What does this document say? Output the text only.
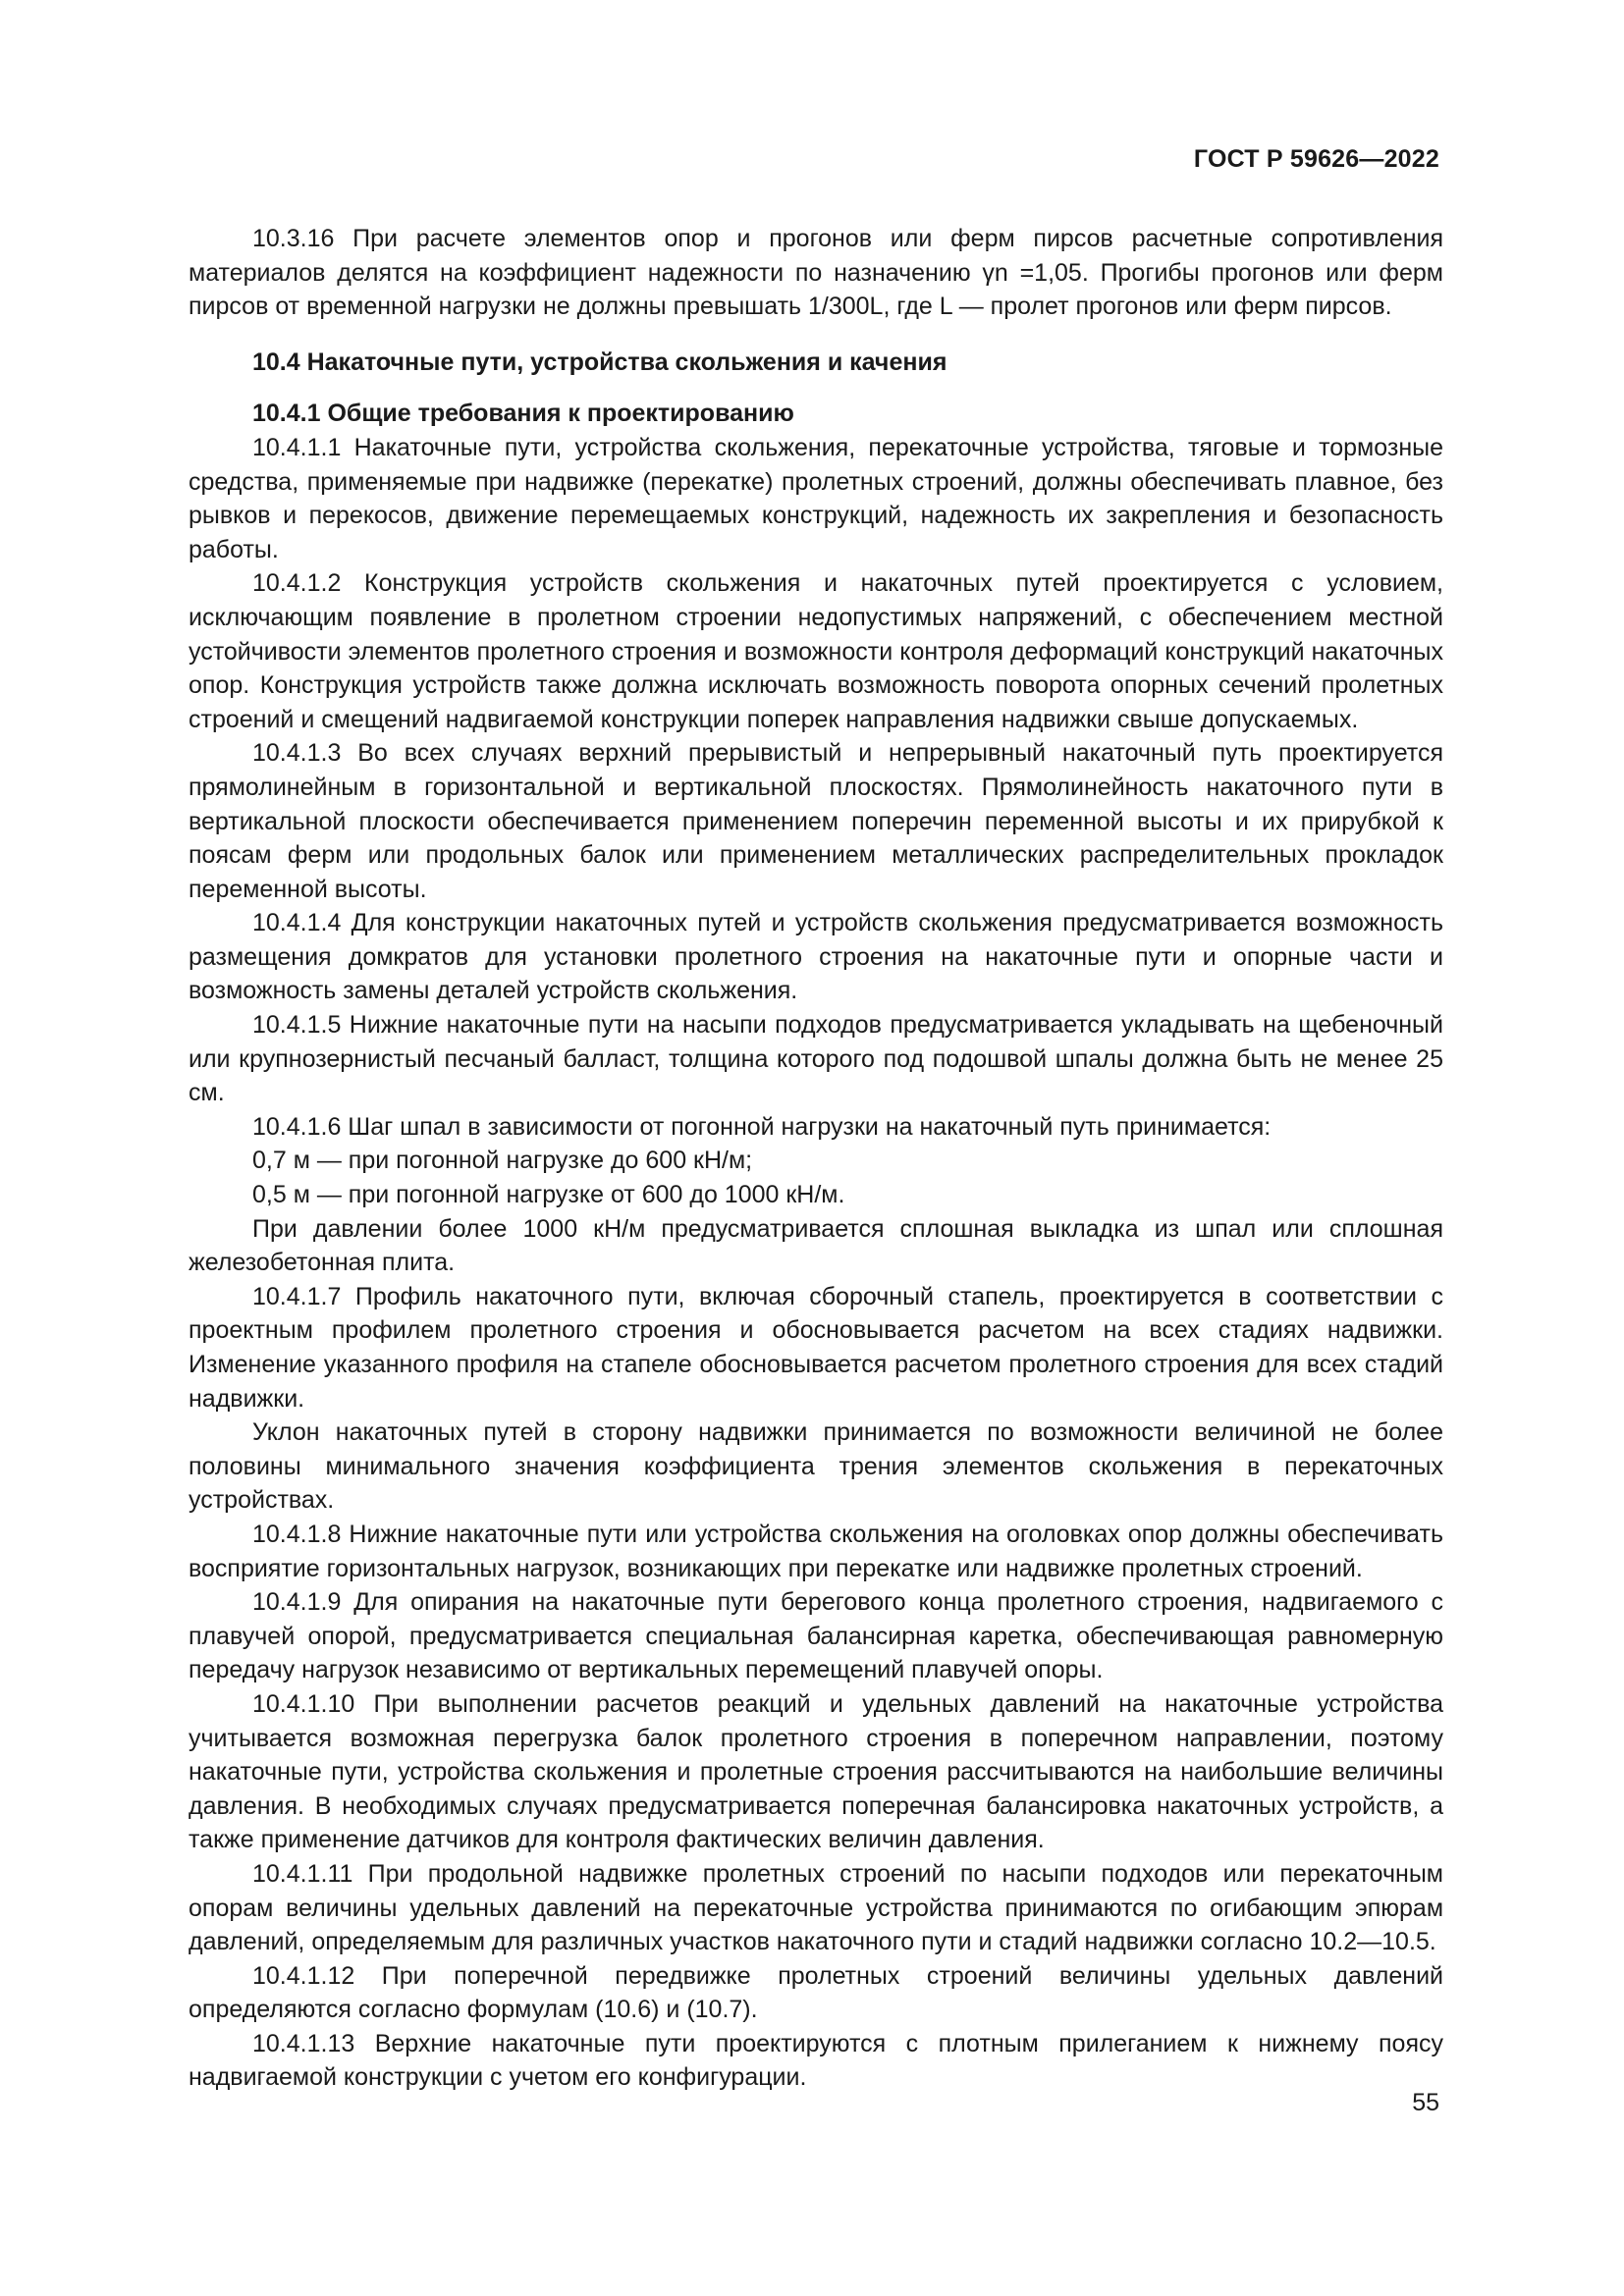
ГОСТ Р 59626—2022

10.3.16 При расчете элементов опор и прогонов или ферм пирсов расчетные сопротивления материалов делятся на коэффициент надежности по назначению γn =1,05. Прогибы прогонов или ферм пирсов от временной нагрузки не должны превышать 1/300L, где L — пролет прогонов или ферм пирсов.

10.4 Накаточные пути, устройства скольжения и качения

10.4.1 Общие требования к проектированию

10.4.1.1 Накаточные пути, устройства скольжения, перекаточные устройства, тяговые и тормозные средства, применяемые при надвижке (перекатке) пролетных строений, должны обеспечивать плавное, без рывков и перекосов, движение перемещаемых конструкций, надежность их закрепления и безопасность работы.

10.4.1.2 Конструкция устройств скольжения и накаточных путей проектируется с условием, исключающим появление в пролетном строении недопустимых напряжений, с обеспечением местной устойчивости элементов пролетного строения и возможности контроля деформаций конструкций накаточных опор. Конструкция устройств также должна исключать возможность поворота опорных сечений пролетных строений и смещений надвигаемой конструкции поперек направления надвижки свыше допускаемых.

10.4.1.3 Во всех случаях верхний прерывистый и непрерывный накаточный путь проектируется прямолинейным в горизонтальной и вертикальной плоскостях. Прямолинейность накаточного пути в вертикальной плоскости обеспечивается применением поперечин переменной высоты и их прирубкой к поясам ферм или продольных балок или применением металлических распределительных прокладок переменной высоты.

10.4.1.4 Для конструкции накаточных путей и устройств скольжения предусматривается возможность размещения домкратов для установки пролетного строения на накаточные пути и опорные части и возможность замены деталей устройств скольжения.

10.4.1.5 Нижние накаточные пути на насыпи подходов предусматривается укладывать на щебеночный или крупнозернистый песчаный балласт, толщина которого под подошвой шпалы должна быть не менее 25 см.

10.4.1.6 Шаг шпал в зависимости от погонной нагрузки на накаточный путь принимается:

0,7 м — при погонной нагрузке до 600 кН/м;

0,5 м — при погонной нагрузке от 600 до 1000 кН/м.

При давлении более 1000 кН/м предусматривается сплошная выкладка из шпал или сплошная железобетонная плита.

10.4.1.7 Профиль накаточного пути, включая сборочный стапель, проектируется в соответствии с проектным профилем пролетного строения и обосновывается расчетом на всех стадиях надвижки. Изменение указанного профиля на стапеле обосновывается расчетом пролетного строения для всех стадий надвижки.

Уклон накаточных путей в сторону надвижки принимается по возможности величиной не более половины минимального значения коэффициента трения элементов скольжения в перекаточных устройствах.

10.4.1.8 Нижние накаточные пути или устройства скольжения на оголовках опор должны обеспечивать восприятие горизонтальных нагрузок, возникающих при перекатке или надвижке пролетных строений.

10.4.1.9 Для опирания на накаточные пути берегового конца пролетного строения, надвигаемого с плавучей опорой, предусматривается специальная балансирная каретка, обеспечивающая равномерную передачу нагрузок независимо от вертикальных перемещений плавучей опоры.

10.4.1.10 При выполнении расчетов реакций и удельных давлений на накаточные устройства учитывается возможная перегрузка балок пролетного строения в поперечном направлении, поэтому накаточные пути, устройства скольжения и пролетные строения рассчитываются на наибольшие величины давления. В необходимых случаях предусматривается поперечная балансировка накаточных устройств, а также применение датчиков для контроля фактических величин давления.

10.4.1.11 При продольной надвижке пролетных строений по насыпи подходов или перекаточным опорам величины удельных давлений на перекаточные устройства принимаются по огибающим эпюрам давлений, определяемым для различных участков накаточного пути и стадий надвижки согласно 10.2—10.5.

10.4.1.12 При поперечной передвижке пролетных строений величины удельных давлений определяются согласно формулам (10.6) и (10.7).

10.4.1.13 Верхние накаточные пути проектируются с плотным прилеганием к нижнему поясу надвигаемой конструкции с учетом его конфигурации.

55
